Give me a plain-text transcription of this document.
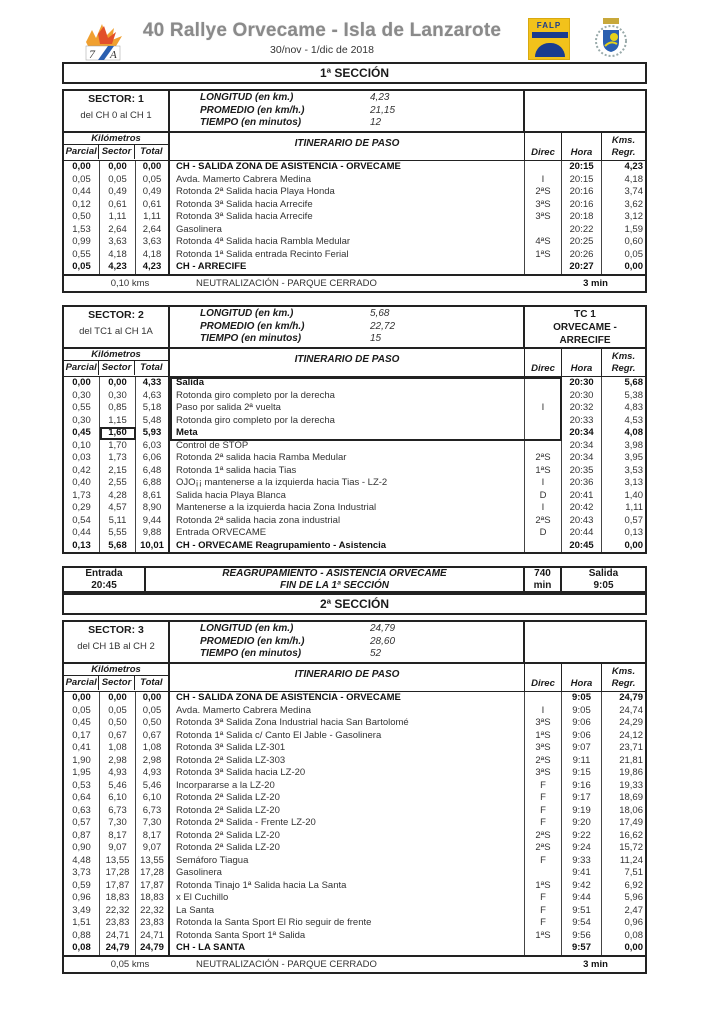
7 A
40 Rallye Orvecame - Isla de Lanzarote
30/nov - 1/dic de 2018
FALP
1ª SECCIÓN
SECTOR: 1
del CH 0 al CH 1
LONGITUD (en km.)	4,23
PROMEDIO (en km/h.)	21,15
TIEMPO (en minutos)	12
Kilómetros
Parcial Sector Total
ITINERARIO DE PASO
Direc	Hora
Kms.
Regr.
0,00	0,00	0,00	CH - SALIDA ZONA DE ASISTENCIA - ORVECAME	20:15	4,23
0,05	0,05	0,05	Avda. Mamerto Cabrera Medina	I	20:15	4,18
0,44	0,49	0,49	Rotonda 2ª Salida hacia Playa Honda	2ªS	20:16	3,74
0,12	0,61	0,61	Rotonda 3ª Salida hacia Arrecife	3ªS	20:16	3,62
0,50	1,11	1,11	Rotonda 3ª Salida hacia Arrecife	3ªS	20:18	3,12
1,53	2,64	2,64	Gasolinera	20:22	1,59
0,99	3,63	3,63	Rotonda 4ª Salida hacia Rambla Medular	4ªS	20:25	0,60
0,55	4,18	4,18	Rotonda 1ª Salida entrada Recinto Ferial	1ªS	20:26	0,05
0,05	4,23	4,23	CH - ARRECIFE	20:27	0,00
0,10 kms	NEUTRALIZACIÓN - PARQUE CERRADO	3 min
SECTOR: 2
del TC1 al CH 1A
LONGITUD (en km.)	5,68
PROMEDIO (en km/h.)	22,72
TIEMPO (en minutos)	15
TC 1
ORVECAME -
ARRECIFE
Kilómetros
Parcial Sector Total
ITINERARIO DE PASO
Direc	Hora
Kms.
Regr.
0,00	0,00	4,33	Salida	20:30	5,68
0,30	0,30	4,63	Rotonda giro completo por la derecha	20:30	5,38
0,55	0,85	5,18	Paso por salida 2ª vuelta	I	20:32	4,83
0,30	1,15	5,48	Rotonda giro completo por la derecha	20:33	4,53
0,45	1,60	5,93	Meta	20:34	4,08
0,10	1,70	6,03	Control de STOP	20:34	3,98
0,03	1,73	6,06	Rotonda 2ª salida hacia Ramba Medular	2ªS	20:34	3,95
0,42	2,15	6,48	Rotonda 1ª salida hacia Tias	1ªS	20:35	3,53
0,40	2,55	6,88	OJO¡¡ mantenerse a la izquierda hacia Tias - LZ-2	I	20:36	3,13
1,73	4,28	8,61	Salida hacia Playa Blanca	D	20:41	1,40
0,29	4,57	8,90	Mantenerse a la izquierda hacia Zona Industrial	I	20:42	1,11
0,54	5,11	9,44	Rotonda 2ª salida hacia zona industrial	2ªS	20:43	0,57
0,44	5,55	9,88	Entrada ORVECAME	D	20:44	0,13
0,13	5,68	10,01	CH - ORVECAME Reagrupamiento - Asistencia	20:45	0,00
Entrada
20:45
REAGRUPAMIENTO - ASISTENCIA ORVECAME
FIN DE LA 1ª SECCIÓN
740
min
Salida
9:05
2ª SECCIÓN
SECTOR: 3
del CH 1B al CH 2
LONGITUD (en km.)	24,79
PROMEDIO (en km/h.)	28,60
TIEMPO (en minutos)	52
Kilómetros
Parcial Sector Total
ITINERARIO DE PASO
Direc	Hora
Kms.
Regr.
0,00	0,00	0,00	CH - SALIDA ZONA DE ASISTENCIA - ORVECAME	9:05	24,79
0,05	0,05	0,05	Avda. Mamerto Cabrera Medina	I	9:05	24,74
0,45	0,50	0,50	Rotonda 3ª Salida Zona Industrial hacia San Bartolomé	3ªS	9:06	24,29
0,17	0,67	0,67	Rotonda 1ª Salida c/ Canto El Jable - Gasolinera	1ªS	9:06	24,12
0,41	1,08	1,08	Rotonda 3ª Salida LZ-301	3ªS	9:07	23,71
1,90	2,98	2,98	Rotonda 2ª Salida LZ-303	2ªS	9:11	21,81
1,95	4,93	4,93	Rotonda 3ª Salida hacia LZ-20	3ªS	9:15	19,86
0,53	5,46	5,46	Incorpararse a la LZ-20	F	9:16	19,33
0,64	6,10	6,10	Rotonda 2ª Salida LZ-20	F	9:17	18,69
0,63	6,73	6,73	Rotonda 2ª Salida LZ-20	F	9:19	18,06
0,57	7,30	7,30	Rotonda 2ª Salida - Frente LZ-20	F	9:20	17,49
0,87	8,17	8,17	Rotonda 2ª Salida LZ-20	2ªS	9:22	16,62
0,90	9,07	9,07	Rotonda 2ª Salida LZ-20	2ªS	9:24	15,72
4,48	13,55	13,55	Semáforo Tiagua	F	9:33	11,24
3,73	17,28	17,28	Gasolinera	9:41	7,51
0,59	17,87	17,87	Rotonda Tinajo 1ª Salida hacia La Santa	1ªS	9:42	6,92
0,96	18,83	18,83	x El Cuchillo	F	9:44	5,96
3,49	22,32	22,32	La Santa	F	9:51	2,47
1,51	23,83	23,83	Rotonda la Santa Sport El Rio seguir de frente	F	9:54	0,96
0,88	24,71	24,71	Rotonda Santa Sport 1ª Salida	1ªS	9:56	0,08
0,08	24,79	24,79	CH - LA SANTA	9:57	0,00
0,05 kms	NEUTRALIZACIÓN - PARQUE CERRADO	3 min
